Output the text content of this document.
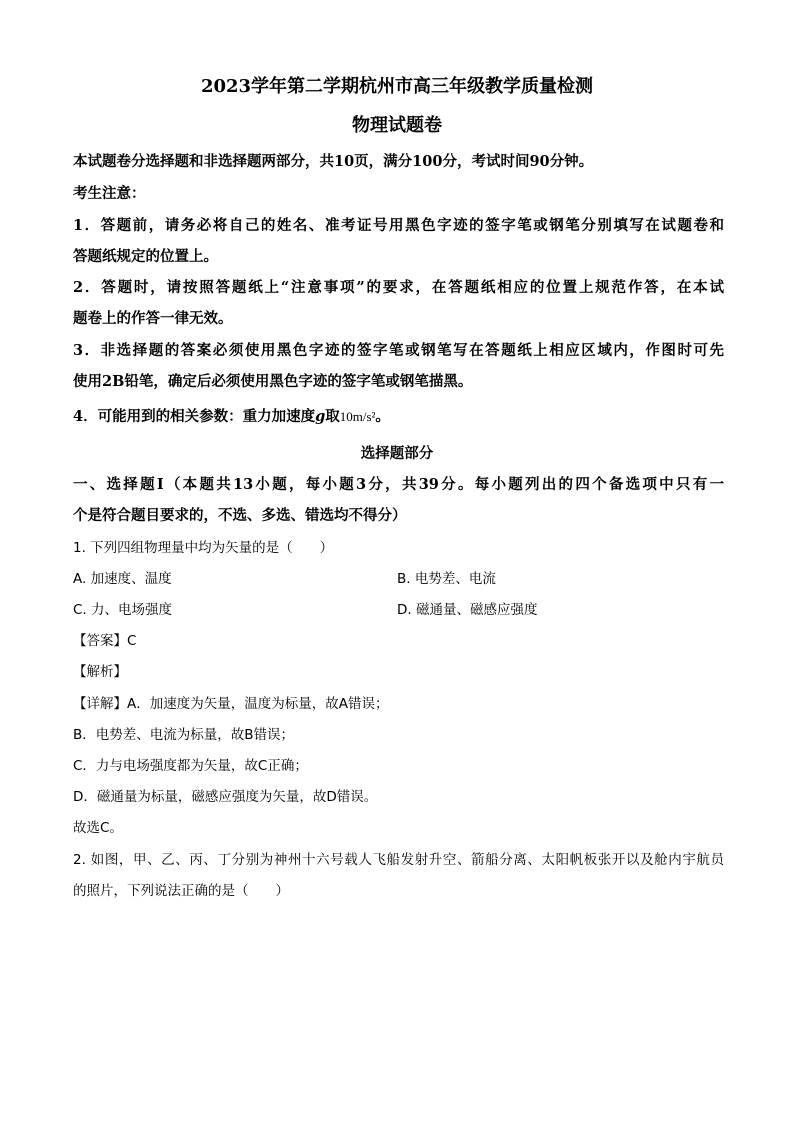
2023学年第二学期杭州市高三年级教学质量检测
物理试题卷
本试题卷分选择题和非选择题两部分，共10页，满分100分，考试时间90分钟。
考生注意：
1．答题前，请务必将自己的姓名、准考证号用黑色字迹的签字笔或钢笔分别填写在试题卷和
答题纸规定的位置上。
2．答题时，请按照答题纸上“注意事项”的要求，在答题纸相应的位置上规范作答，在本试
题卷上的作答一律无效。
3．非选择题的答案必须使用黑色字迹的签字笔或钢笔写在答题纸上相应区域内，作图时可先
使用2B铅笔，确定后必须使用黑色字迹的签字笔或钢笔描黑。
4．可能用到的相关参数：重力加速度g取10m/s²。
选择题部分
一、选择题Ⅰ（本题共13小题，每小题3分，共39分。每小题列出的四个备选项中只有一
个是符合题目要求的，不选、多选、错选均不得分）
1. 下列四组物理量中均为矢量的是（　　）
A. 加速度、温度	B. 电势差、电流
C. 力、电场强度	D. 磁通量、磁感应强度
【答案】C
【解析】
【详解】A．加速度为矢量，温度为标量，故A错误；
B．电势差、电流为标量，故B错误；
C．力与电场强度都为矢量，故C正确；
D．磁通量为标量，磁感应强度为矢量，故D错误。
故选C。
2. 如图，甲、乙、丙、丁分别为神州十六号载人飞船发射升空、箭船分离、太阳帆板张开以及舱内宇航员
的照片，下列说法正确的是（　　）
